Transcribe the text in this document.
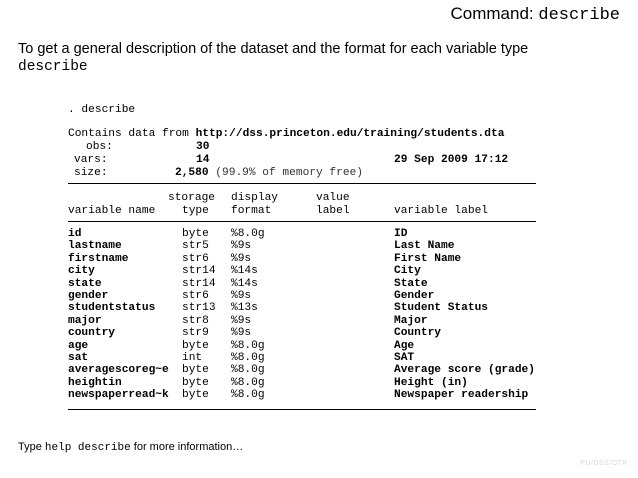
Command: describe
To get a general description of the dataset and the format for each variable type
describe
. describe
Contains data from http://dss.princeton.edu/training/students.dta
obs:	30
vars:	14	29 Sep 2009 17:12
size:	2,580 (99.9% of memory free)
storage display	value
variable name type format	label	variable label
id	byte %8.0g	ID
lastname	str5 %9s	Last Name
firstname	str6 %9s	First Name
city	str14 %14s	City
state	str14 %14s	State
gender	str6 %9s	Gender
studentstatus str13 %13s	Student Status
major	str8 %9s	Major
country	str9 %9s	Country
age	byte %8.0g	Age
sat	int	%8.0g	SAT
averagescoreg~e byte %8.0g	Average score (grade)
heightin	byte %8.0g	Height (in)
newspaperread~k byte %8.0g	Newspaper readership
Type help describe for more information…
PU/DSS/OTR
